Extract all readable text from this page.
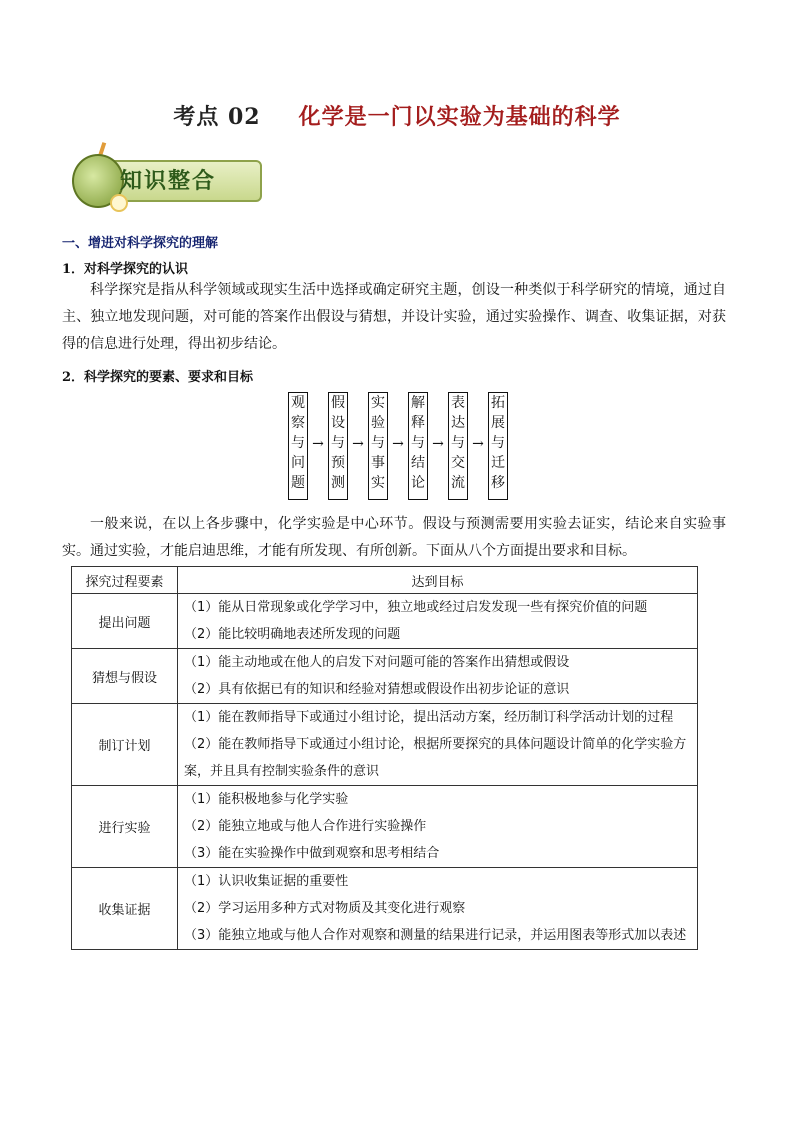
考点 02 化学是一门以实验为基础的科学
知识整合
一、增进对科学探究的理解
1．对科学探究的认识
科学探究是指从科学领域或现实生活中选择或确定研究主题，创设一种类似于科学研究的情境，通过自主、独立地发现问题，对可能的答案作出假设与猜想，并设计实验，通过实验操作、调查、收集证据，对获得的信息进行处理，得出初步结论。
2．科学探究的要素、要求和目标
观
察
与
问
题
→
假
设
与
预
测
→
实
验
与
事
实
→
解
释
与
结
论
→
表
达
与
交
流
→
拓
展
与
迁
移
一般来说，在以上各步骤中，化学实验是中心环节。假设与预测需要用实验去证实，结论来自实验事实。通过实验，才能启迪思维，才能有所发现、有所创新。下面从八个方面提出要求和目标。
探究过程要素	达到目标
提出问题	（1）能从日常现象或化学学习中，独立地或经过启发发现一些有探究价值的问题
（2）能比较明确地表述所发现的问题

猜想与假设	（1）能主动地或在他人的启发下对问题可能的答案作出猜想或假设
（2）具有依据已有的知识和经验对猜想或假设作出初步论证的意识

制订计划	（1）能在教师指导下或通过小组讨论，提出活动方案，经历制订科学活动计划的过程
（2）能在教师指导下或通过小组讨论，根据所要探究的具体问题设计简单的化学实验方案，并且具有控制实验条件的意识

进行实验	（1）能积极地参与化学实验
（2）能独立地或与他人合作进行实验操作
（3）能在实验操作中做到观察和思考相结合

收集证据	（1）认识收集证据的重要性
（2）学习运用多种方式对物质及其变化进行观察
（3）能独立地或与他人合作对观察和测量的结果进行记录，并运用图表等形式加以表述
